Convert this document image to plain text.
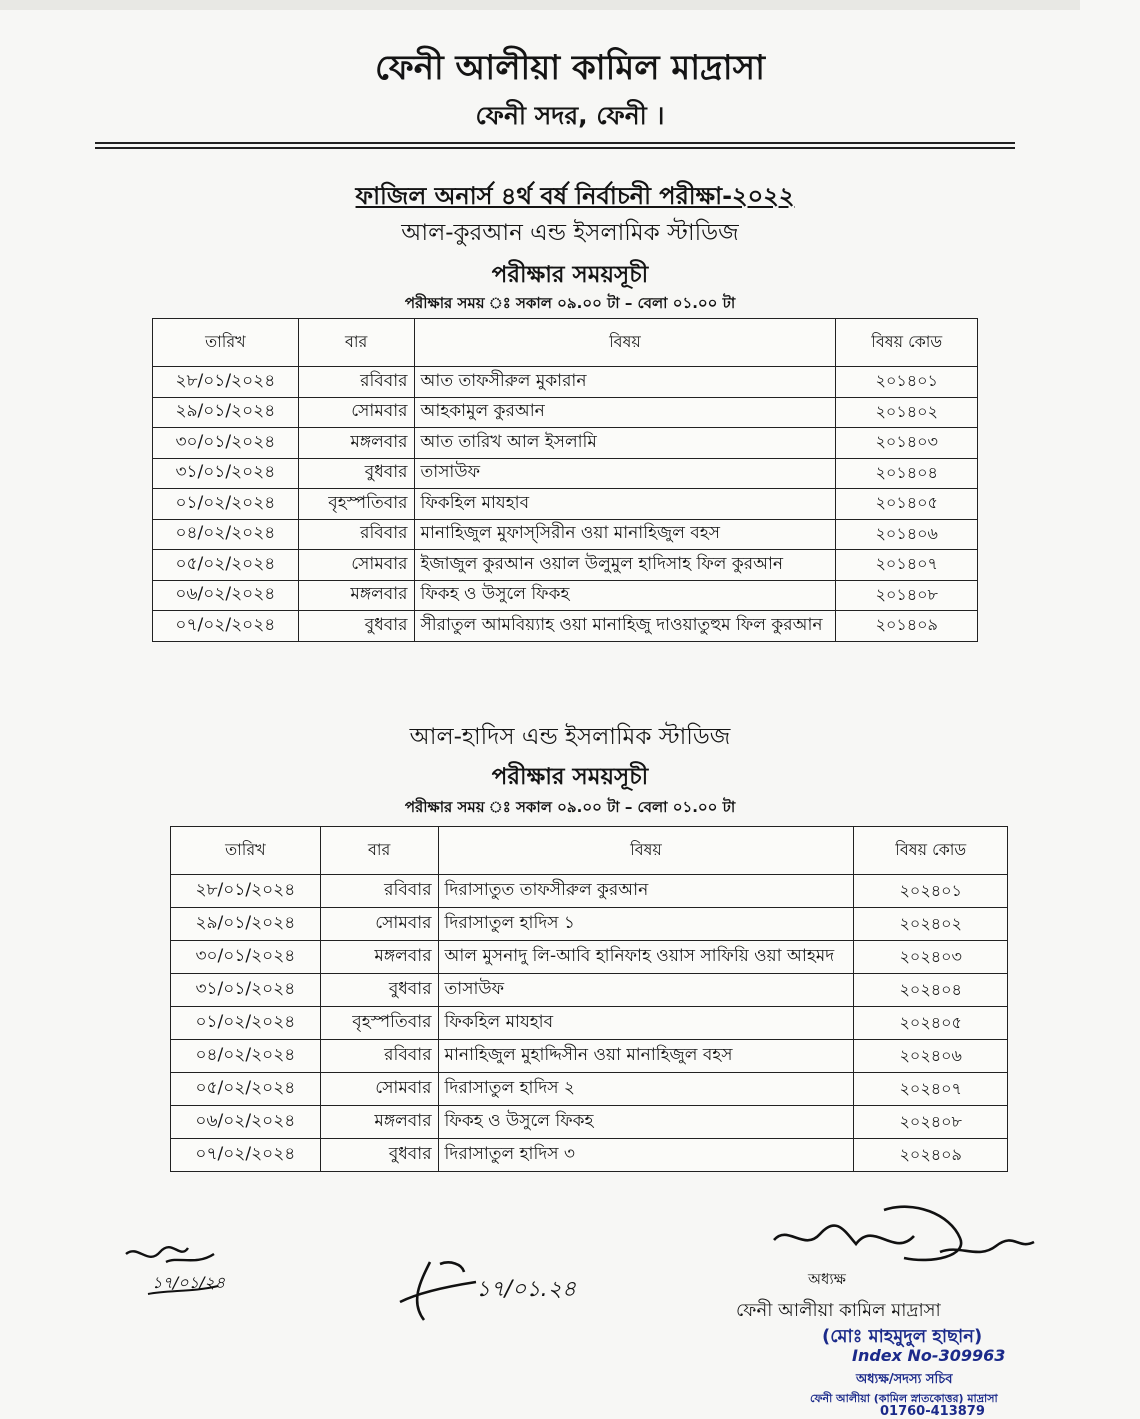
ফেনী আলীয়া কামিল মাদ্রাসা
ফেনী সদর, ফেনী ।
ফাজিল অনার্স ৪র্থ বর্ষ নির্বাচনী পরীক্ষা-২০২২
আল-কুরআন এন্ড ইসলামিক স্টাডিজ
পরীক্ষার সময়সূচী
পরীক্ষার সময় ঃ সকাল ০৯.০০ টা – বেলা ০১.০০ টা
তারিখ	বার	বিষয়	বিষয় কোড
২৮/০১/২০২৪	রবিবার	আত তাফসীরুল মুকারান	২০১৪০১
২৯/০১/২০২৪	সোমবার	আহকামুল কুরআন	২০১৪০২
৩০/০১/২০২৪	মঙ্গলবার	আত তারিখ আল ইসলামি	২০১৪০৩
৩১/০১/২০২৪	বুধবার	তাসাউফ	২০১৪০৪
০১/০২/২০২৪	বৃহস্পতিবার	ফিকহিল মাযহাব	২০১৪০৫
০৪/০২/২০২৪	রবিবার	মানাহিজুল মুফাস্‌সিরীন ওয়া মানাহিজুল বহস	২০১৪০৬
০৫/০২/২০২৪	সোমবার	ইজাজুল কুরআন ওয়াল উলুমুল হাদিসাহ ফিল কুরআন	২০১৪০৭
০৬/০২/২০২৪	মঙ্গলবার	ফিকহ ও উসুলে ফিকহ	২০১৪০৮
০৭/০২/২০২৪	বুধবার	সীরাতুল আমবিয়্যাহ ওয়া মানাহিজু দাওয়াতুহুম ফিল কুরআন	২০১৪০৯
আল-হাদিস এন্ড ইসলামিক স্টাডিজ
পরীক্ষার সময়সূচী
পরীক্ষার সময় ঃ সকাল ০৯.০০ টা – বেলা ০১.০০ টা
তারিখ	বার	বিষয়	বিষয় কোড
২৮/০১/২০২৪	রবিবার	দিরাসাতুত তাফসীরুল কুরআন	২০২৪০১
২৯/০১/২০২৪	সোমবার	দিরাসাতুল হাদিস ১	২০২৪০২
৩০/০১/২০২৪	মঙ্গলবার	আল মুসনাদু লি-আবি হানিফাহ ওয়াস সাফিয়ি ওয়া আহমদ	২০২৪০৩
৩১/০১/২০২৪	বুধবার	তাসাউফ	২০২৪০৪
০১/০২/২০২৪	বৃহস্পতিবার	ফিকহিল মাযহাব	২০২৪০৫
০৪/০২/২০২৪	রবিবার	মানাহিজুল মুহাদ্দিসীন ওয়া মানাহিজুল বহস	২০২৪০৬
০৫/০২/২০২৪	সোমবার	দিরাসাতুল হাদিস ২	২০২৪০৭
০৬/০২/২০২৪	মঙ্গলবার	ফিকহ ও উসুলে ফিকহ	২০২৪০৮
০৭/০২/২০২৪	বুধবার	দিরাসাতুল হাদিস ৩	২০২৪০৯
১৭/০১/২৪	১৭/০১.২৪	অধ্যক্ষ
ফেনী আলীয়া কামিল মাদ্রাসা
(মোঃ মাহমুদুল হাছান)
Index No-309963
অধ্যক্ষ/সদস্য সচিব
ফেনী আলীয়া (কামিল স্নাতকোত্তর) মাদ্রাসা
01760-413879
